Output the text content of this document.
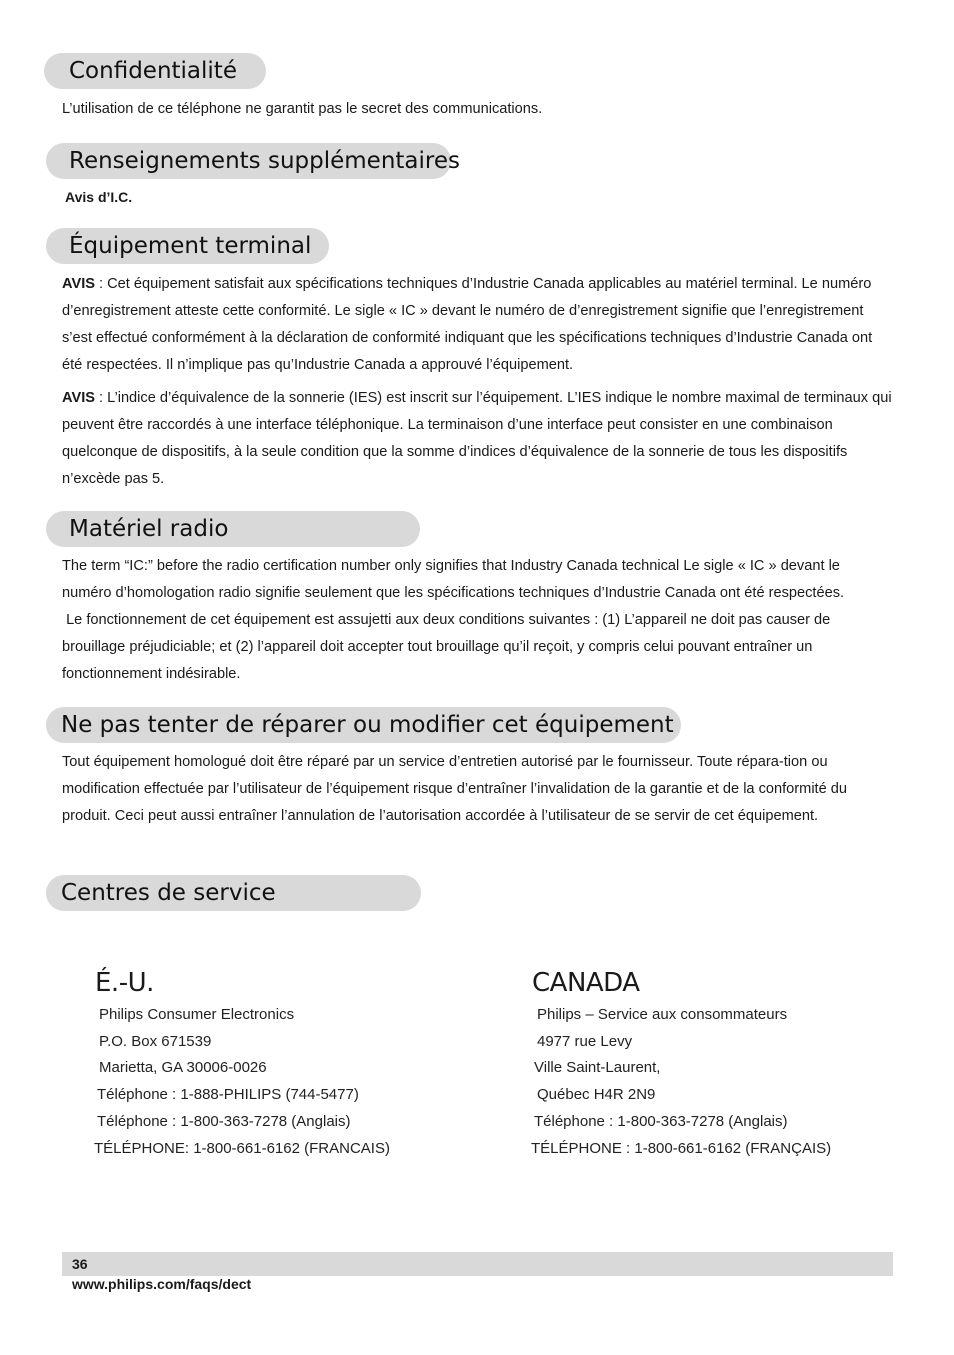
Confidentialité

L’utilisation de ce téléphone ne garantit pas le secret des communications.

Renseignements supplémentaires
Avis d’I.C.
Équipement terminal

AVIS : Cet équipement satisfait aux spécifications techniques d’Industrie Canada applicables au matériel terminal. Le numéro d’enregistrement atteste cette conformité. Le sigle « IC » devant le numéro de d’enregistrement signifie que l’enregistrement s’est effectué conformément à la déclaration de conformité indiquant que les spécifications techniques d’Industrie Canada ont été respectées. Il n’implique pas qu’Industrie Canada a approuvé l’équipement.

AVIS : L’indice d’équivalence de la sonnerie (IES) est inscrit sur l’équipement. L’IES indique le nombre maximal de terminaux qui peuvent être raccordés à une interface téléphonique. La terminaison d’une interface peut consister en une combinaison quelconque de dispositifs, à la seule condition que la somme d’indices d’équivalence de la sonnerie de tous les dispositifs n’excède pas 5.

Matériel radio

The term “IC:” before the radio certification number only signifies that Industry Canada technical Le sigle « IC » devant le numéro d’homologation radio signifie seulement que les spécifications techniques d’Industrie Canada ont été respectées.

Le fonctionnement de cet équipement est assujetti aux deux conditions suivantes : (1) L’appareil ne doit pas causer de brouillage préjudiciable; et (2) l’appareil doit accepter tout brouillage qu’il reçoit, y compris celui pouvant entraîner un fonctionnement indésirable.

Ne pas tenter de réparer ou modifier cet équipement

Tout équipement homologué doit être réparé par un service d’entretien autorisé par le fournisseur. Toute répara-tion ou modification effectuée par l’utilisateur de l’équipement risque d’entraîner l’invalidation de la garantie et de la conformité du produit. Ceci peut aussi entraîner l’annulation de l’autorisation accordée à l’utilisateur de se servir de cet équipement.

Centres de service
É.-U.
Philips Consumer Electronics
P.O. Box 671539
Marietta, GA 30006-0026
Téléphone : 1-888-PHILIPS (744-5477)
Téléphone : 1-800-363-7278 (Anglais)
TÉLÉPHONE: 1-800-661-6162 (FRANCAIS)
CANADA
Philips – Service aux consommateurs
4977 rue Levy
Ville Saint-Laurent,
Québec H4R 2N9
Téléphone : 1-800-363-7278 (Anglais)
TÉLÉPHONE : 1-800-661-6162 (FRANÇAIS)
36
www.philips.com/faqs/dect
